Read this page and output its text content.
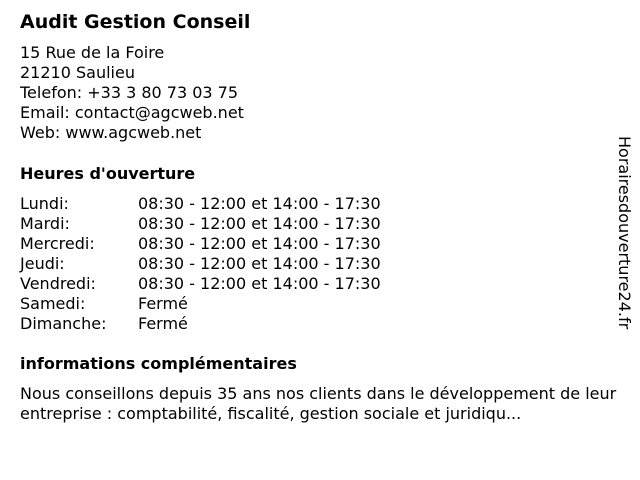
Audit Gestion Conseil
15 Rue de la Foire
21210 Saulieu
Telefon: +33 3 80 73 03 75
Email: contact@agcweb.net
Web: www.agcweb.net
Heures d'ouverture
Lundi:	08:30 - 12:00 et 14:00 - 17:30
Mardi:	08:30 - 12:00 et 14:00 - 17:30
Mercredi:	08:30 - 12:00 et 14:00 - 17:30
Jeudi:	08:30 - 12:00 et 14:00 - 17:30
Vendredi:	08:30 - 12:00 et 14:00 - 17:30
Samedi:	Fermé
Dimanche:	Fermé
informations complémentaires
Nous conseillons depuis 35 ans nos clients dans le développement de leur entreprise : comptabilité, fiscalité, gestion sociale et juridiqu...
Horairesdouverture24.fr
